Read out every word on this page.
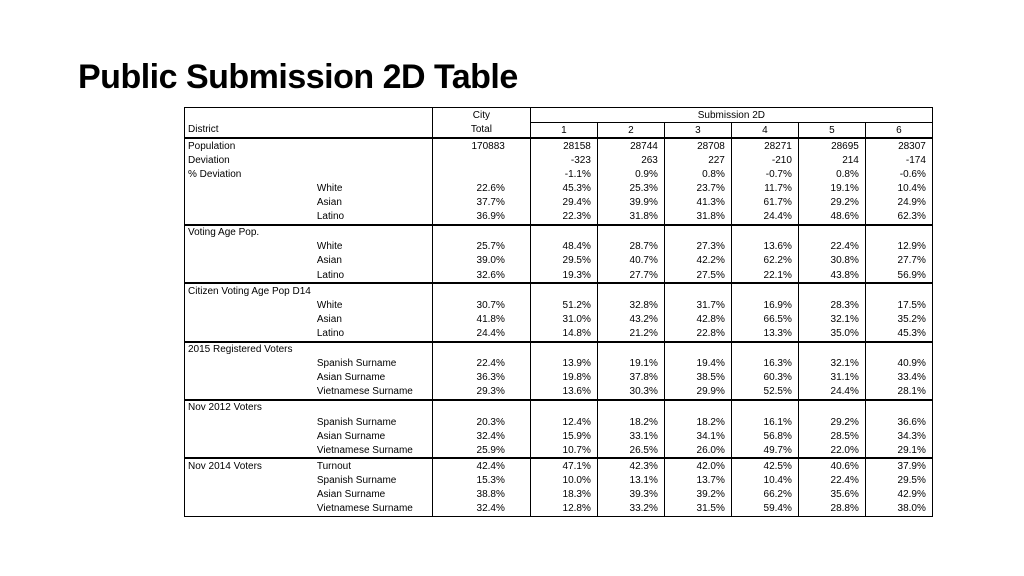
Public Submission 2D Table
		City	Submission 2D					
District		Total	1	2	3	4	5	6
Population		170883	28158	28744	28708	28271	28695	28307
Deviation			-323	263	227	-210	214	-174
% Deviation			-1.1%	0.9%	0.8%	-0.7%	0.8%	-0.6%
	White	22.6%	45.3%	25.3%	23.7%	11.7%	19.1%	10.4%
	Asian	37.7%	29.4%	39.9%	41.3%	61.7%	29.2%	24.9%
	Latino	36.9%	22.3%	31.8%	31.8%	24.4%	48.6%	62.3%
Voting Age Pop.								
	White	25.7%	48.4%	28.7%	27.3%	13.6%	22.4%	12.9%
	Asian	39.0%	29.5%	40.7%	42.2%	62.2%	30.8%	27.7%
	Latino	32.6%	19.3%	27.7%	27.5%	22.1%	43.8%	56.9%
Citizen Voting Age Pop D14								
	White	30.7%	51.2%	32.8%	31.7%	16.9%	28.3%	17.5%
	Asian	41.8%	31.0%	43.2%	42.8%	66.5%	32.1%	35.2%
	Latino	24.4%	14.8%	21.2%	22.8%	13.3%	35.0%	45.3%
2015 Registered Voters								
	Spanish Surname	22.4%	13.9%	19.1%	19.4%	16.3%	32.1%	40.9%
	Asian Surname	36.3%	19.8%	37.8%	38.5%	60.3%	31.1%	33.4%
	Vietnamese Surname	29.3%	13.6%	30.3%	29.9%	52.5%	24.4%	28.1%
Nov 2012 Voters								
	Spanish Surname	20.3%	12.4%	18.2%	18.2%	16.1%	29.2%	36.6%
	Asian Surname	32.4%	15.9%	33.1%	34.1%	56.8%	28.5%	34.3%
	Vietnamese Surname	25.9%	10.7%	26.5%	26.0%	49.7%	22.0%	29.1%
Nov 2014 Voters	Turnout	42.4%	47.1%	42.3%	42.0%	42.5%	40.6%	37.9%
	Spanish Surname	15.3%	10.0%	13.1%	13.7%	10.4%	22.4%	29.5%
	Asian Surname	38.8%	18.3%	39.3%	39.2%	66.2%	35.6%	42.9%
	Vietnamese Surname	32.4%	12.8%	33.2%	31.5%	59.4%	28.8%	38.0%
